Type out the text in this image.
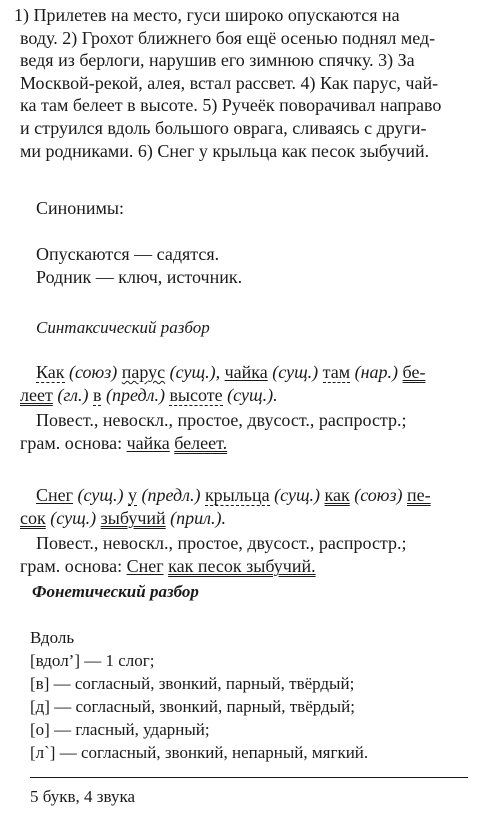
1) Прилетев на место, гуси широко опускаются на
воду. 2) Грохот ближнего боя ещё осенью поднял мед-
ведя из берлоги, нарушив его зимнюю спячку. 3) За
Москвой-рекой, алея, встал рассвет. 4) Как парус, чай-
ка там белеет в высоте. 5) Ручеёк поворачивал направо
и струился вдоль большого оврага, сливаясь с други-
ми родниками. 6) Снег у крыльца как песок зыбучий.
Синонимы:
Опускаются — садятся.
Родник — ключ, источник.
Синтаксический разбор
Как (союз) парус (сущ.), чайка (сущ.) там (нар.) бе-
леет (гл.) в (предл.) высоте (сущ.).
Повест., невоскл., простое, двусост., распростр.;
грам. основа: чайка белеет.
Снег (сущ.) у (предл.) крыльца (сущ.) как (союз) пе-
сок (сущ.) зыбучий (прил.).
Повест., невоскл., простое, двусост., распростр.;
грам. основа: Снег как песок зыбучий.
Фонетический разбор
Вдоль
[вдол’] — 1 слог;
[в] — согласный, звонкий, парный, твёрдый;
[д] — согласный, звонкий, парный, твёрдый;
[о] — гласный, ударный;
[л`] — согласный, звонкий, непарный, мягкий.
5 букв, 4 звука
